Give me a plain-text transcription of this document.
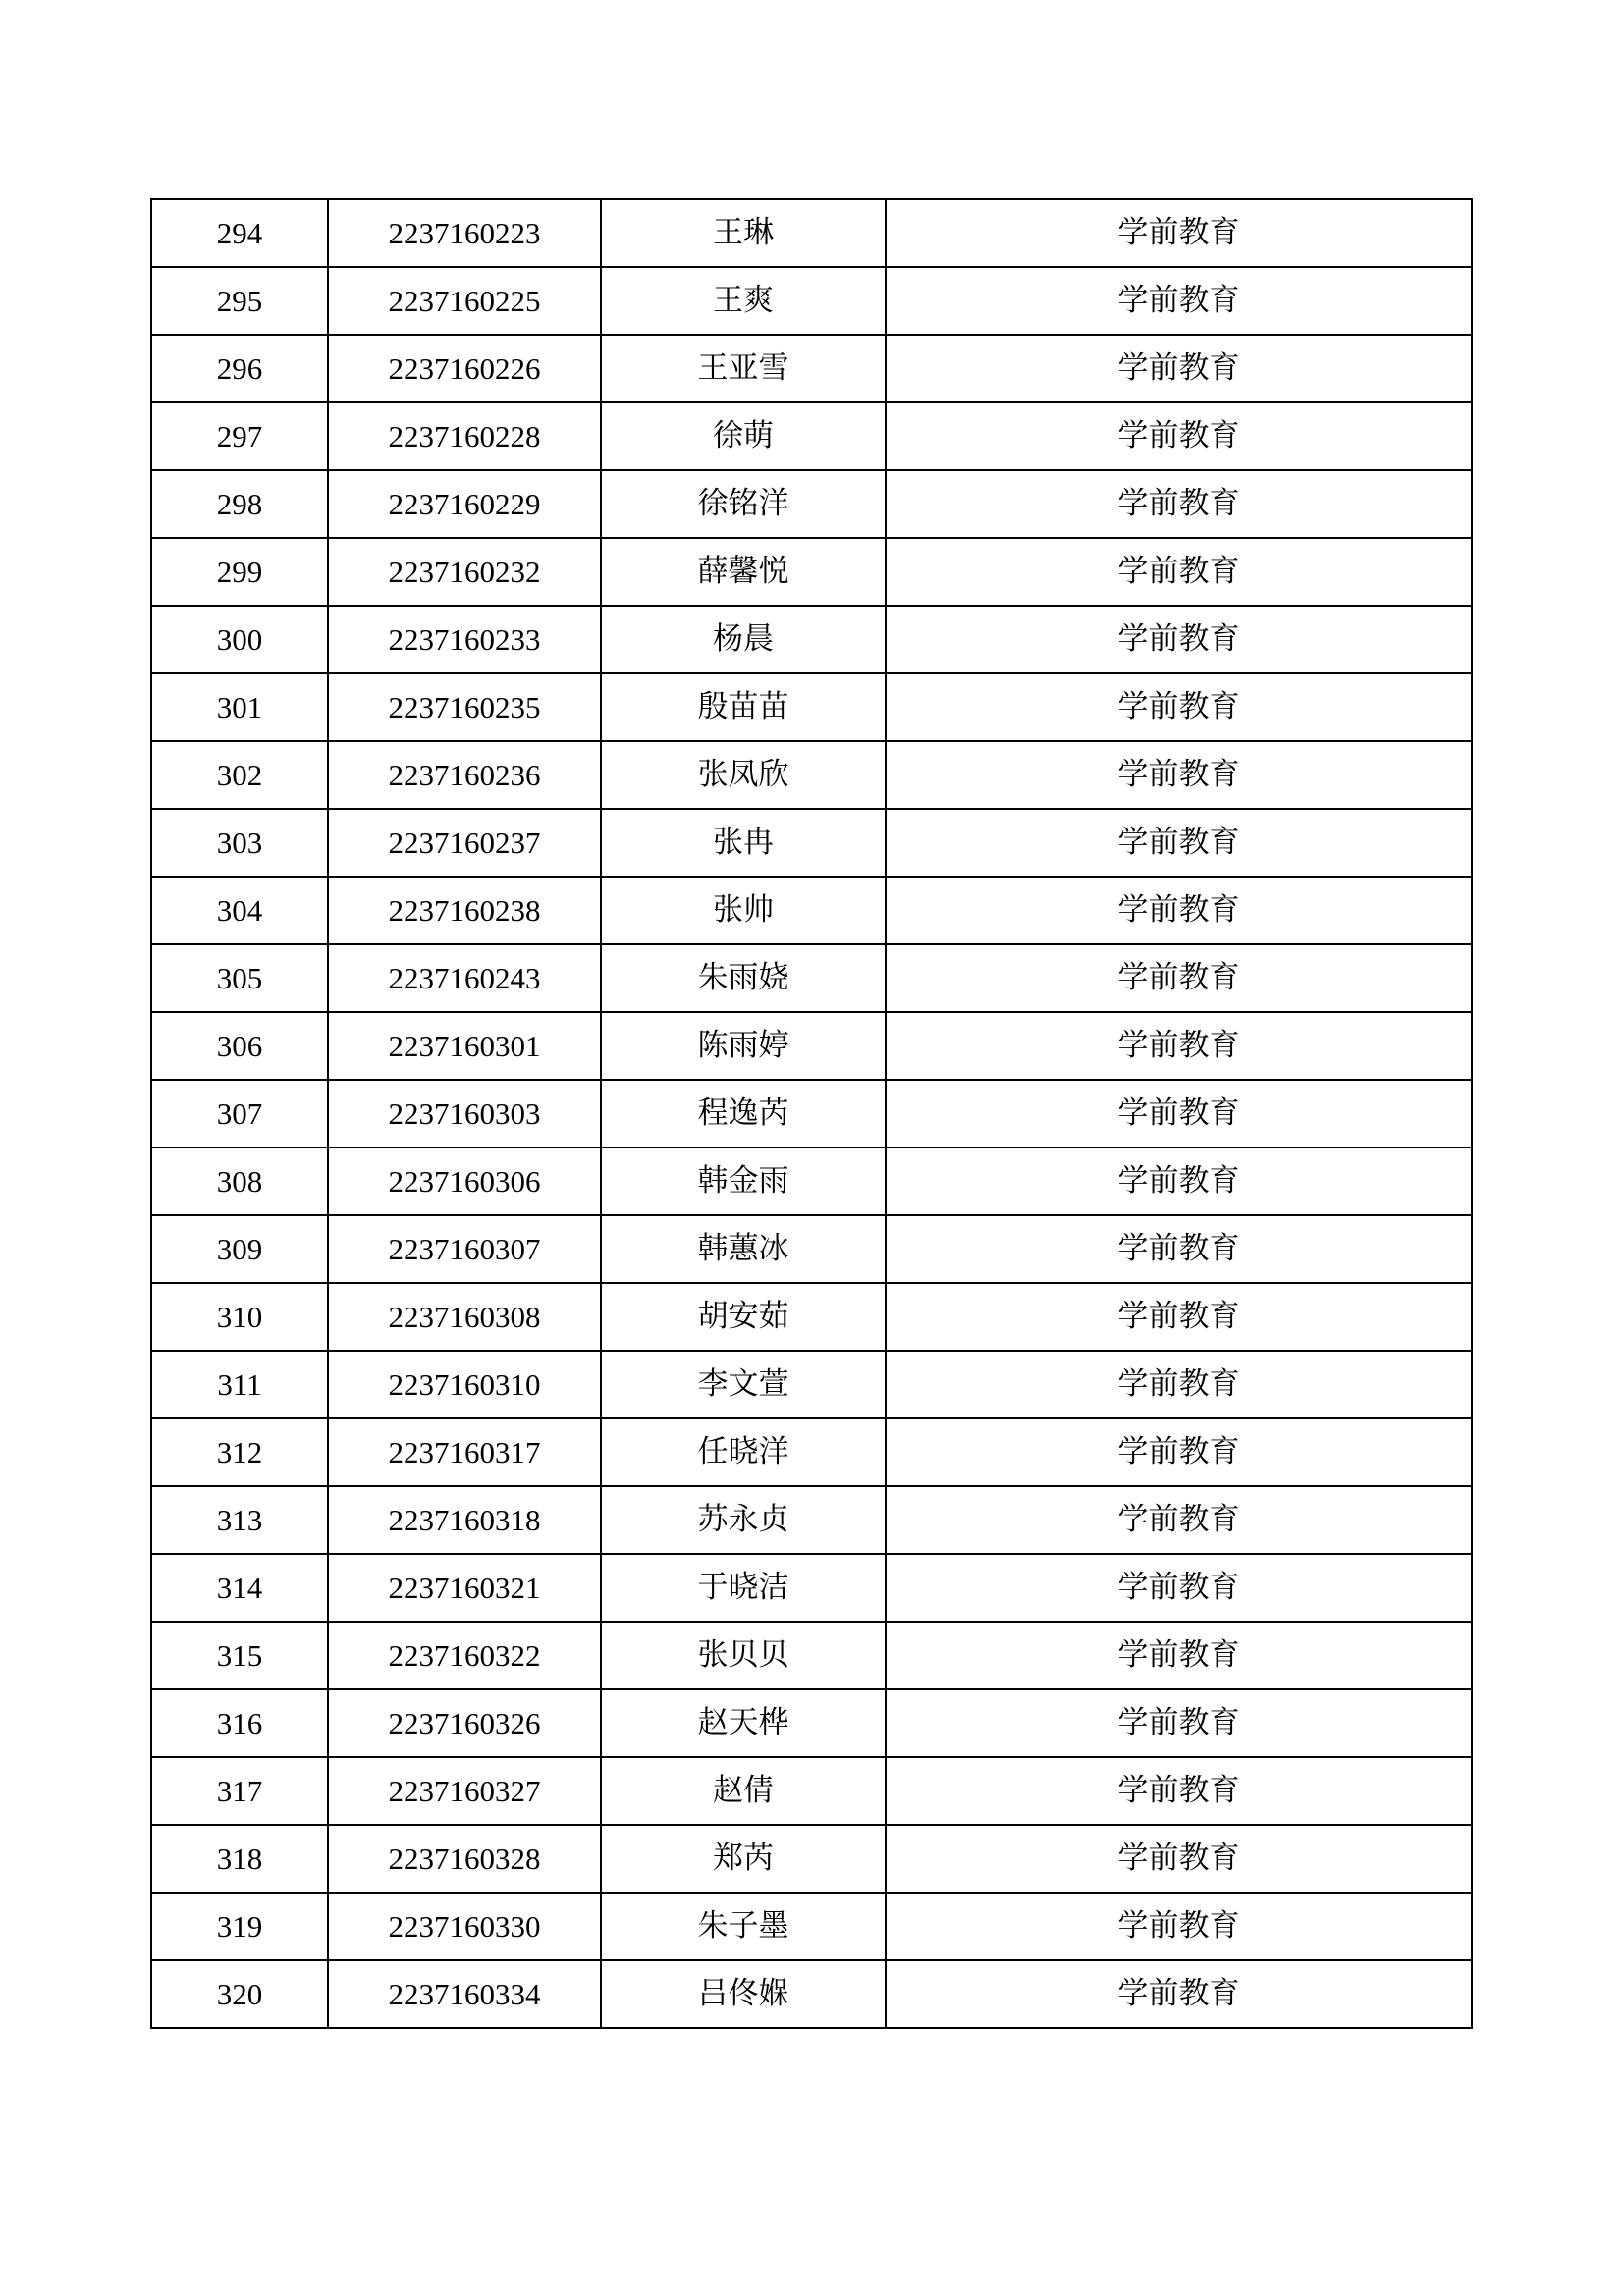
294	2237160223	王琳	学前教育
295	2237160225	王爽	学前教育
296	2237160226	王亚雪	学前教育
297	2237160228	徐萌	学前教育
298	2237160229	徐铭洋	学前教育
299	2237160232	薛馨悦	学前教育
300	2237160233	杨晨	学前教育
301	2237160235	殷苗苗	学前教育
302	2237160236	张凤欣	学前教育
303	2237160237	张冉	学前教育
304	2237160238	张帅	学前教育
305	2237160243	朱雨娆	学前教育
306	2237160301	陈雨婷	学前教育
307	2237160303	程逸芮	学前教育
308	2237160306	韩金雨	学前教育
309	2237160307	韩蕙冰	学前教育
310	2237160308	胡安茹	学前教育
311	2237160310	李文萱	学前教育
312	2237160317	任晓洋	学前教育
313	2237160318	苏永贞	学前教育
314	2237160321	于晓洁	学前教育
315	2237160322	张贝贝	学前教育
316	2237160326	赵天桦	学前教育
317	2237160327	赵倩	学前教育
318	2237160328	郑芮	学前教育
319	2237160330	朱子墨	学前教育
320	2237160334	吕佟媬	学前教育
